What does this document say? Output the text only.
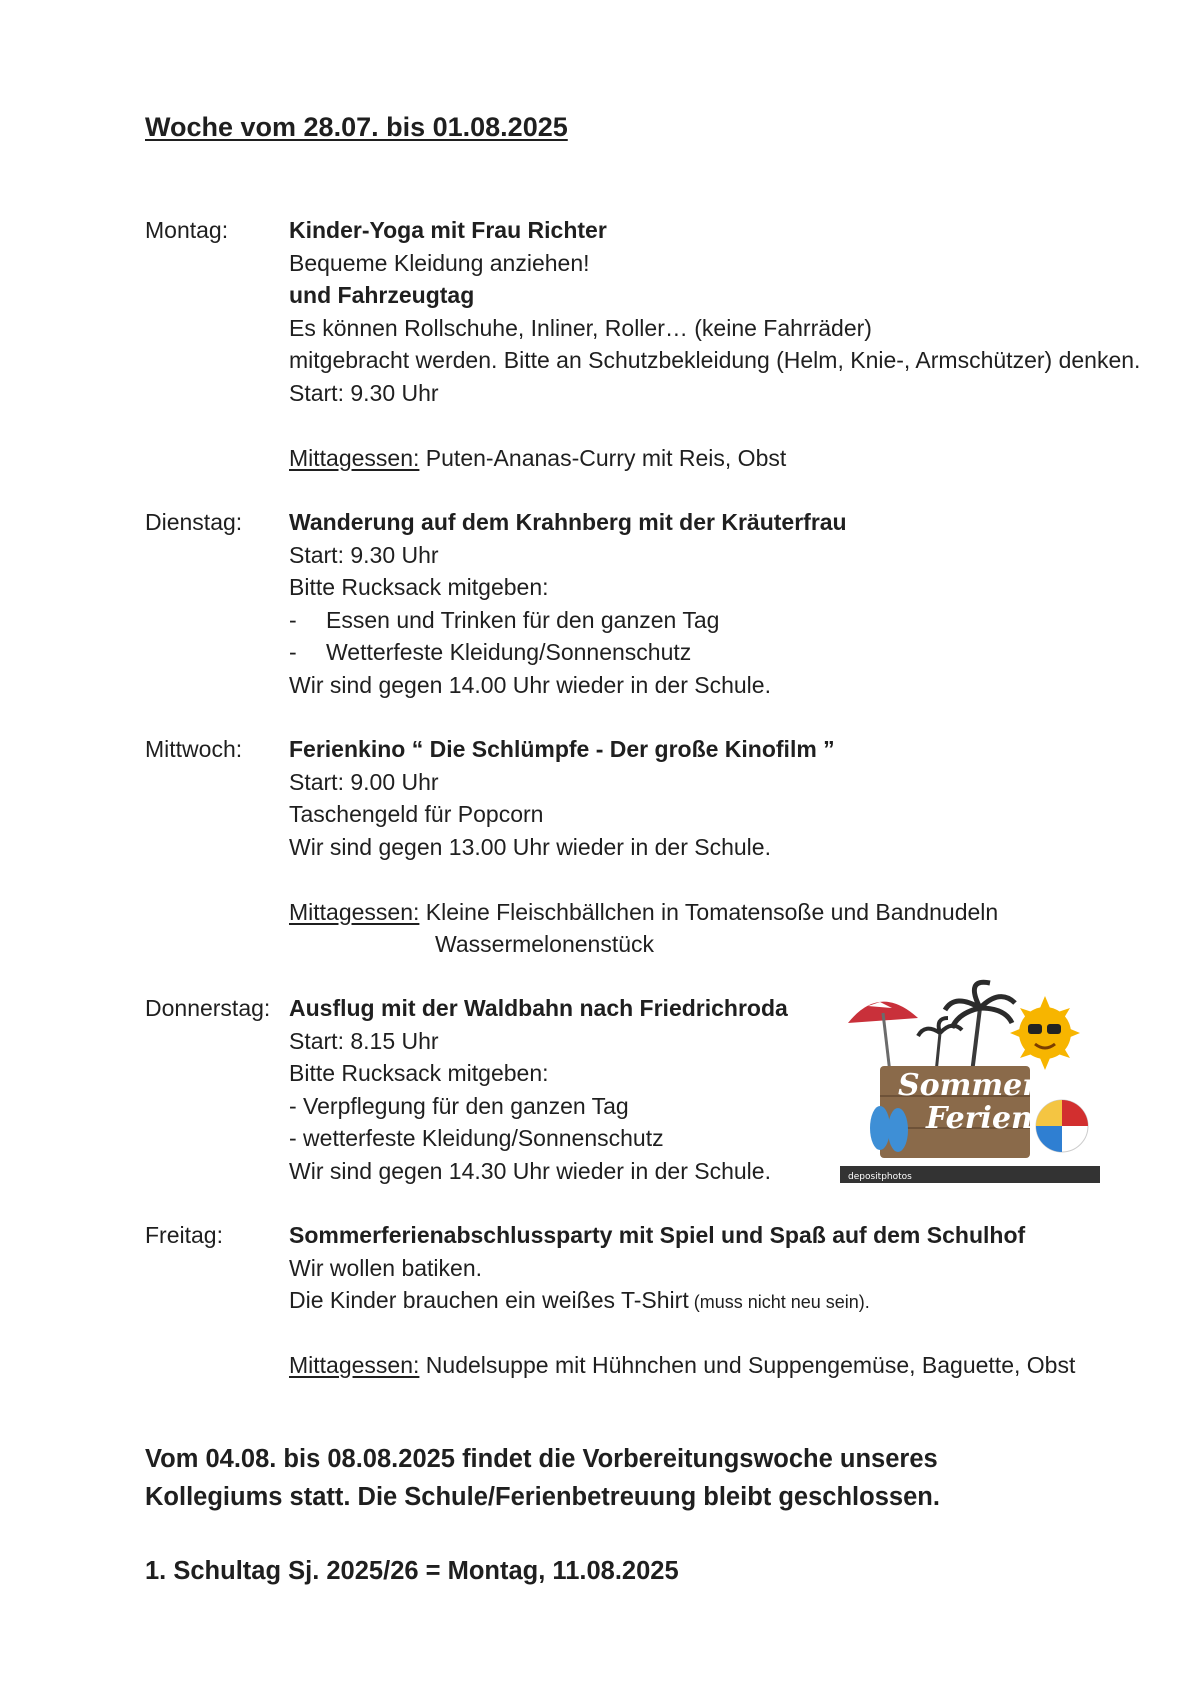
Woche vom 28.07. bis 01.08.2025
Montag:	Kinder-Yoga mit Frau Richter
Bequeme Kleidung anziehen!
und Fahrzeugtag
Es können Rollschuhe, Inliner, Roller… (keine Fahrräder)
mitgebracht werden. Bitte an Schutzbekleidung (Helm, Knie-, Armschützer) denken.
Start: 9.30 Uhr
Mittagessen: Puten-Ananas-Curry mit Reis, Obst
Dienstag: Wanderung auf dem Krahnberg mit der Kräuterfrau
Start: 9.30 Uhr
Bitte Rucksack mitgeben:
- Essen und Trinken für den ganzen Tag
- Wetterfeste Kleidung/Sonnenschutz
Wir sind gegen 14.00 Uhr wieder in der Schule.
Mittwoch: Ferienkino “ Die Schlümpfe - Der große Kinofilm ”
Start: 9.00 Uhr
Taschengeld für Popcorn
Wir sind gegen 13.00 Uhr wieder in der Schule.
Mittagessen: Kleine Fleischbällchen in Tomatensoße und Bandnudeln
Wassermelonenstück
Donnerstag: Ausflug mit der Waldbahn nach Friedrichroda
Start: 8.15 Uhr
Bitte Rucksack mitgeben:
- Verpflegung für den ganzen Tag
- wetterfeste Kleidung/Sonnenschutz
Wir sind gegen 14.30 Uhr wieder in der Schule.
Sommer
Ferien
depositphotos
Freitag:	Sommerferienabschlussparty mit Spiel und Spaß auf dem Schulhof
Wir wollen batiken.
Die Kinder brauchen ein weißes T-Shirt (muss nicht neu sein).
Mittagessen: Nudelsuppe mit Hühnchen und Suppengemüse, Baguette, Obst

Vom 04.08. bis 08.08.2025 findet die Vorbereitungswoche unseres
Kollegiums statt. Die Schule/Ferienbetreuung bleibt geschlossen.

1. Schultag Sj. 2025/26 = Montag, 11.08.2025
